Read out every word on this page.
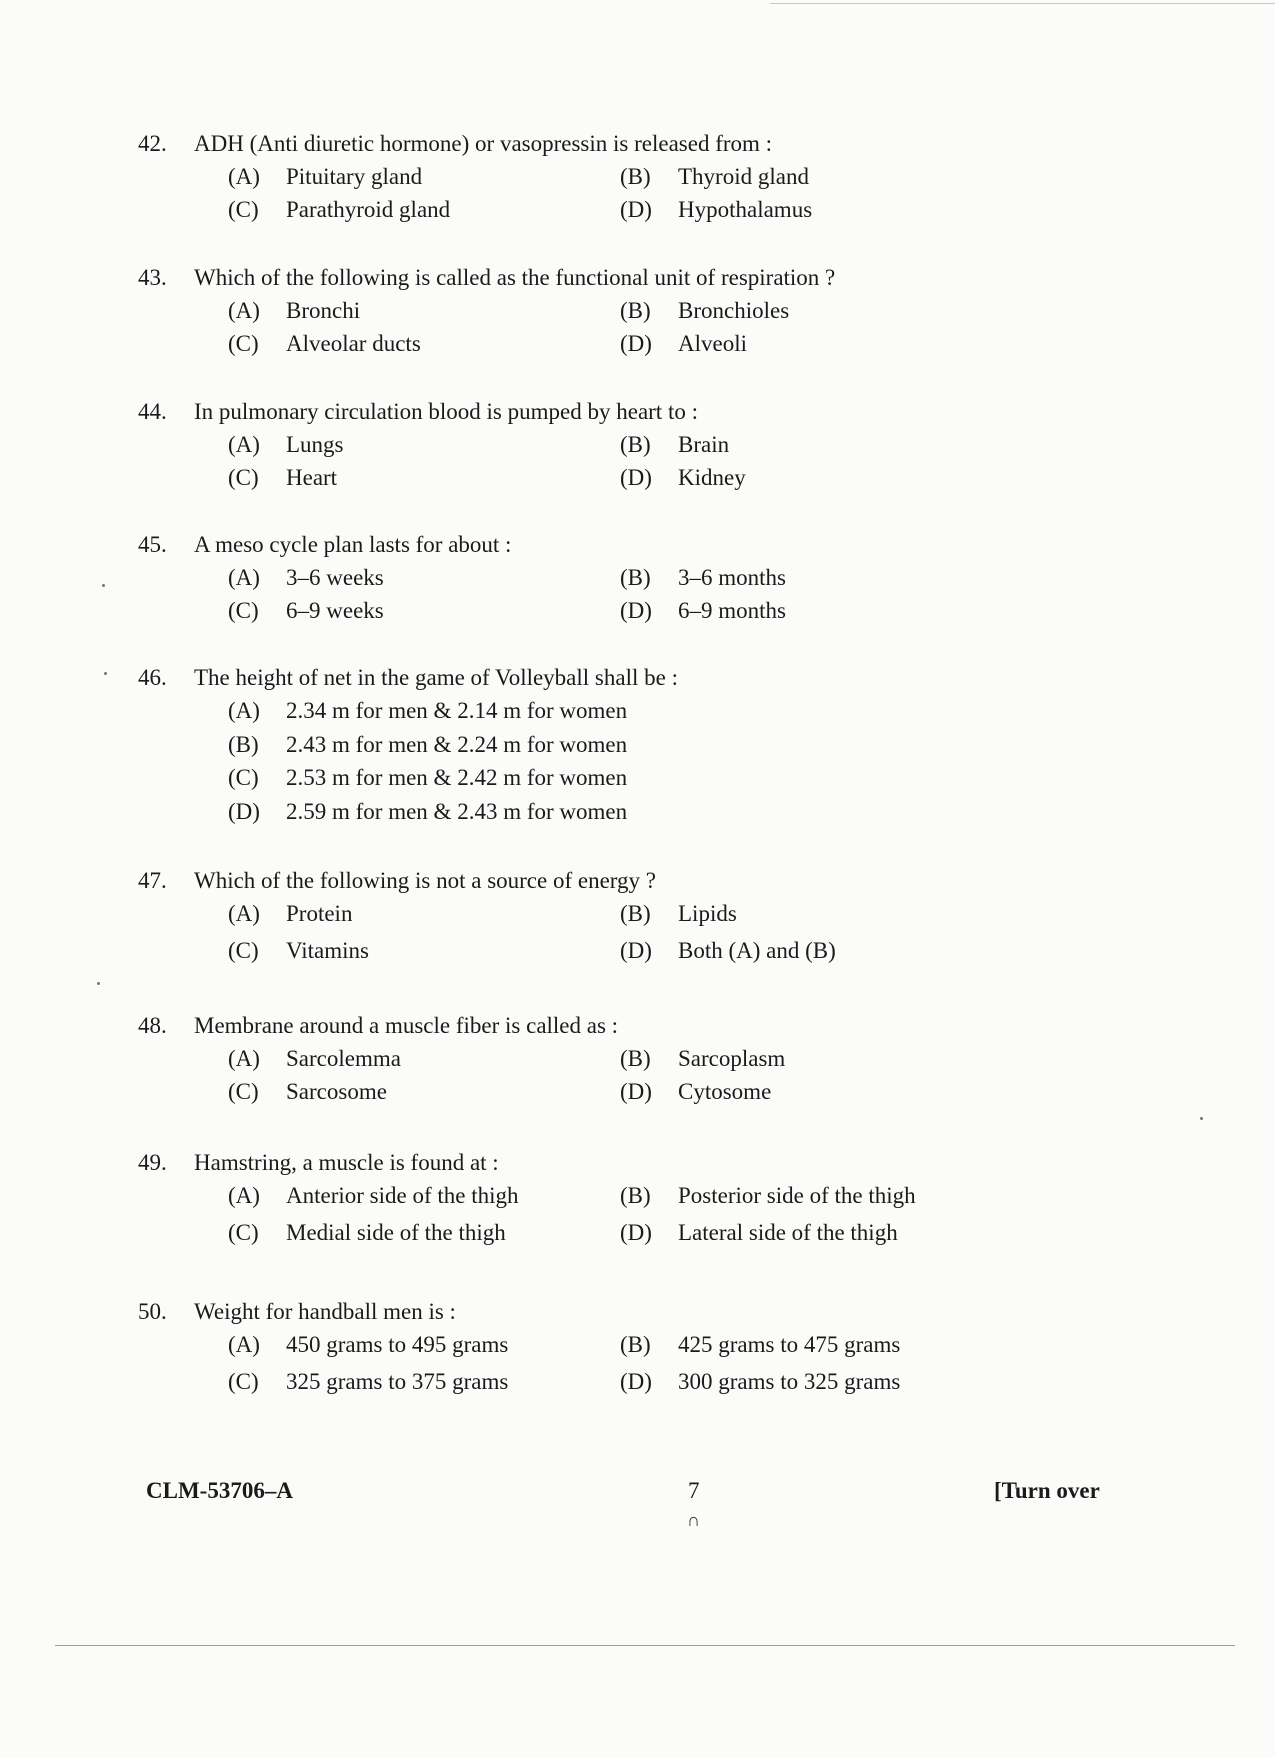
42.	ADH (Anti diuretic hormone) or vasopressin is released from :
(A)	Pituitary gland	(B)	Thyroid gland
(C)	Parathyroid gland	(D)	Hypothalamus
43.	Which of the following is called as the functional unit of respiration ?
(A)	Bronchi	(B)	Bronchioles
(C)	Alveolar ducts	(D)	Alveoli
44.	In pulmonary circulation blood is pumped by heart to :
(A)	Lungs	(B)	Brain
(C)	Heart	(D)	Kidney
45.	A meso cycle plan lasts for about :
(A)	3–6 weeks	(B)	3–6 months
(C)	6–9 weeks	(D)	6–9 months
46.	The height of net in the game of Volleyball shall be :
(A)	2.34 m for men & 2.14 m for women
(B)	2.43 m for men & 2.24 m for women
(C)	2.53 m for men & 2.42 m for women
(D)	2.59 m for men & 2.43 m for women
47.	Which of the following is not a source of energy ?
(A)	Protein	(B)	Lipids
(C)	Vitamins	(D)	Both (A) and (B)
48.	Membrane around a muscle fiber is called as :
(A)	Sarcolemma	(B)	Sarcoplasm
(C)	Sarcosome	(D)	Cytosome
49.	Hamstring, a muscle is found at :
(A)	Anterior side of the thigh	(B)	Posterior side of the thigh
(C)	Medial side of the thigh	(D)	Lateral side of the thigh
50.	Weight for handball men is :
(A)	450 grams to 495 grams	(B)	425 grams to 475 grams
(C)	325 grams to 375 grams	(D)	300 grams to 325 grams
CLM-53706–A	7	[Turn over
∩
